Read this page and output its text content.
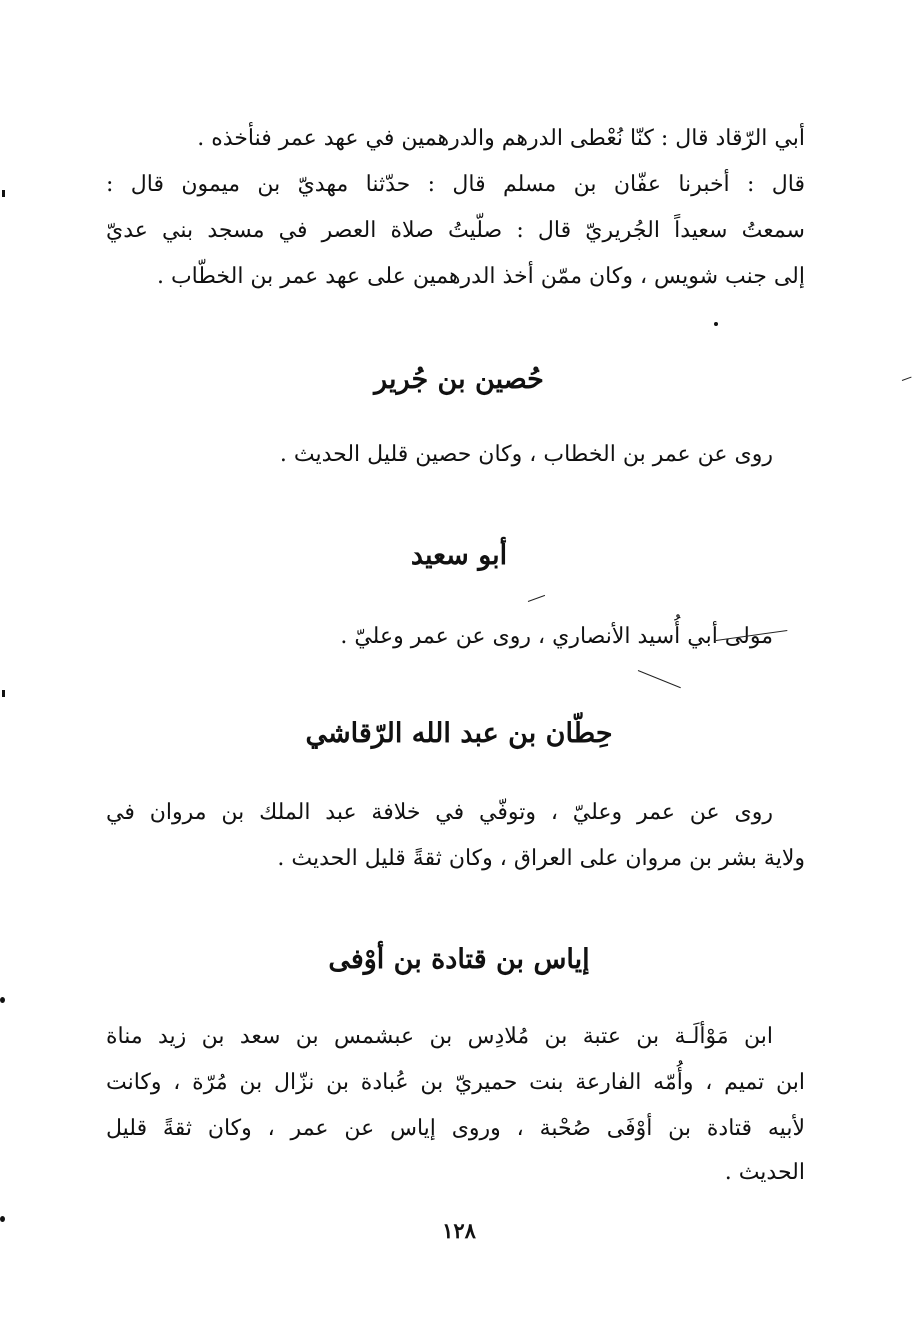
أبي الرّقاد قال : كنّا نُعْطى الدرهم والدرهمين في عهد عمر فنأخذه .
قال : أخبرنا عفّان بن مسلم قال : حدّثنا مهديّ بن ميمون قال :
سمعتُ سعيداً الجُريريّ قال : صلّيتُ صلاة العصر في مسجد بني عديّ
إلى جنب شويس ، وكان ممّن أخذ الدرهمين على عهد عمر بن الخطّاب .
حُصين بن جُرير
روى عن عمر بن الخطاب ، وكان حصين قليل الحديث .
أبو سعيد
مولى أبي أُسيد الأنصاري ، روى عن عمر وعليّ .
حِطّان بن عبد الله الرّقاشي
روى عن عمر وعليّ ، وتوفّي في خلافة عبد الملك بن مروان في
ولاية بشر بن مروان على العراق ، وكان ثقةً قليل الحديث .
إياس بن قتادة بن أوْفى
ابن مَوْألَـة بن عتبة بن مُلادِس بن عبشمس بن سعد بن زيد مناة
ابن تميم ، وأُمّه الفارعة بنت حميريّ بن عُبادة بن نزّال بن مُرّة ، وكانت
لأبيه قتادة بن أوْفَى صُحْبة ، وروى إياس عن عمر ، وكان ثقةً قليل
الحديث .
١٢٨
